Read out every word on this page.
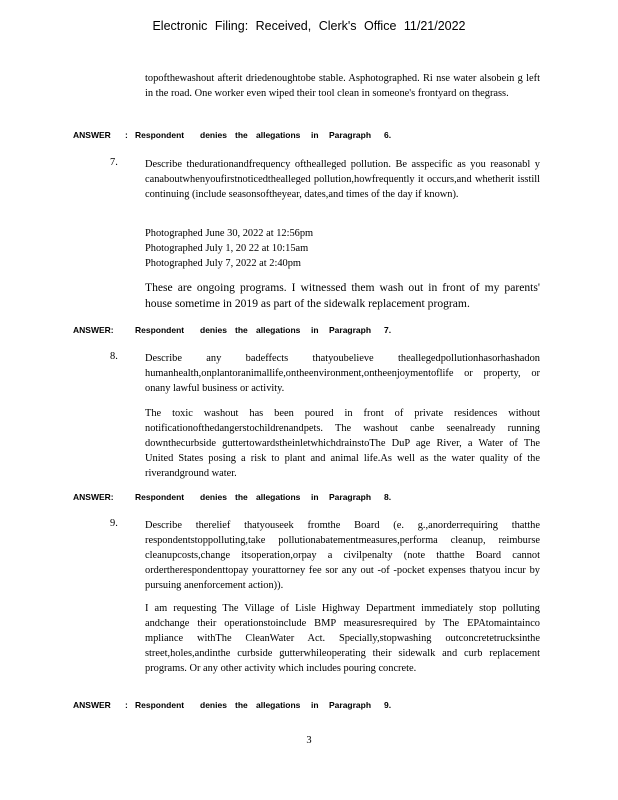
Electronic Filing: Received, Clerk's Office 11/21/2022
topofthewashout afterit driedenoughtobe stable. Asphotographed. Ri nse water alsobein g left in the road. One worker even wiped their tool clean in someone's frontyard on thegrass.
ANSWER : Respondent denies the allegations in Paragraph 6.
7.	Describe thedurationandfrequency ofthealleged pollution. Be asspecific as you reasonabl y canaboutwhenyoufirstnoticedthealleged pollution,howfrequently it occurs,and whetherit isstill continuing (include seasonsoftheyear, dates,and times of the day if known).
Photographed: June 30, 2022 at 12:56pm
Photographed: July 1, 20 22 at 10:15am
Photographed: July 7, 2022 at 2:40pm
These are ongoing programs. I witnessed them wash out in front of my parents' house sometime in 2019 as part of the sidewalk replacement program.
ANSWER:	Respondent denies the allegations in Paragraph 7.
8.	Describe any badeffects thatyoubelieve theallegedpollutionhasorhashadon humanhealth,onplantoranimallife,ontheenvironment,ontheenjoymentoflife or property, or onany lawful business or activity.
The toxic washout has been poured in front of private residences without notificationofthedangerstochildrenandpets. The washout canbe seenalready running downthecurbside guttertowardstheinletwhichdrainstoThe DuP age River, a Water of The United States posing a risk to plant and animal life.As well as the water quality of the riverandground water.
ANSWER:	Respondent denies the allegations in Paragraph 8.
9.	Describe therelief thatyouseek fromthe Board (e. g.,anorderrequiring thatthe respondentstoppolluting,take pollutionabatementmeasures,performa cleanup, reimburse cleanupcosts,change itsoperation,orpay a civilpenalty (note thatthe Board cannot ordertherespondenttopay yourattorney fee sor any out -of -pocket expenses thatyou incur by pursuing anenforcement action)).
I am requesting The Village of Lisle Highway Department immediately stop polluting andchange their operationstoinclude BMP measuresrequired by The EPAtomaintainco mpliance withThe CleanWater Act. Specially,stopwashing outconcretetrucksinthe street,holes,andinthe curbside gutterwhileoperating their sidewalk and curb replacement programs. Or any other activity which includes pouring concrete.
ANSWER : Respondent denies the allegations in Paragraph 9.
3
